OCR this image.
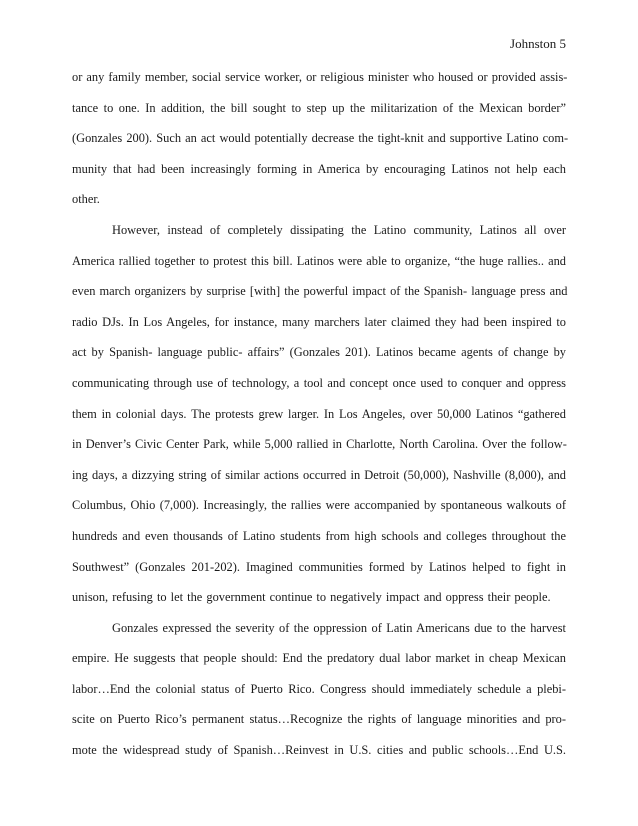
Johnston 5
or any family member, social service worker, or religious minister who housed or provided assis-
tance to one. In addition, the bill sought to step up the militarization of the Mexican border”
(Gonzales 200). Such an act would potentially decrease the tight-knit and supportive Latino com-
munity that had been increasingly forming in America by encouraging Latinos not help each
other.
However, instead of completely dissipating the Latino community, Latinos all over
America rallied together to protest this bill. Latinos were able to organize, “the huge rallies.. and
even march organizers by surprise [with] the powerful impact of the Spanish- language press and
radio DJs. In Los Angeles, for instance, many marchers later claimed they had been inspired to
act by Spanish- language public- affairs” (Gonzales 201). Latinos became agents of change by
communicating through use of technology, a tool and concept once used to conquer and oppress
them in colonial days. The protests grew larger. In Los Angeles, over 50,000 Latinos “gathered
in Denver’s Civic Center Park, while 5,000 rallied in Charlotte, North Carolina. Over the follow-
ing days, a dizzying string of similar actions occurred in Detroit (50,000), Nashville (8,000), and
Columbus, Ohio (7,000). Increasingly, the rallies were accompanied by spontaneous walkouts of
hundreds and even thousands of Latino students from high schools and colleges throughout the
Southwest” (Gonzales 201-202). Imagined communities formed by Latinos helped to fight in
unison, refusing to let the government continue to negatively impact and oppress their people.
Gonzales expressed the severity of the oppression of Latin Americans due to the harvest
empire. He suggests that people should: End the predatory dual labor market in cheap Mexican
labor…End the colonial status of Puerto Rico. Congress should immediately schedule a plebi-
scite on Puerto Rico’s permanent status…Recognize the rights of language minorities and pro-
mote the widespread study of Spanish…Reinvest in U.S. cities and public schools…End U.S.
